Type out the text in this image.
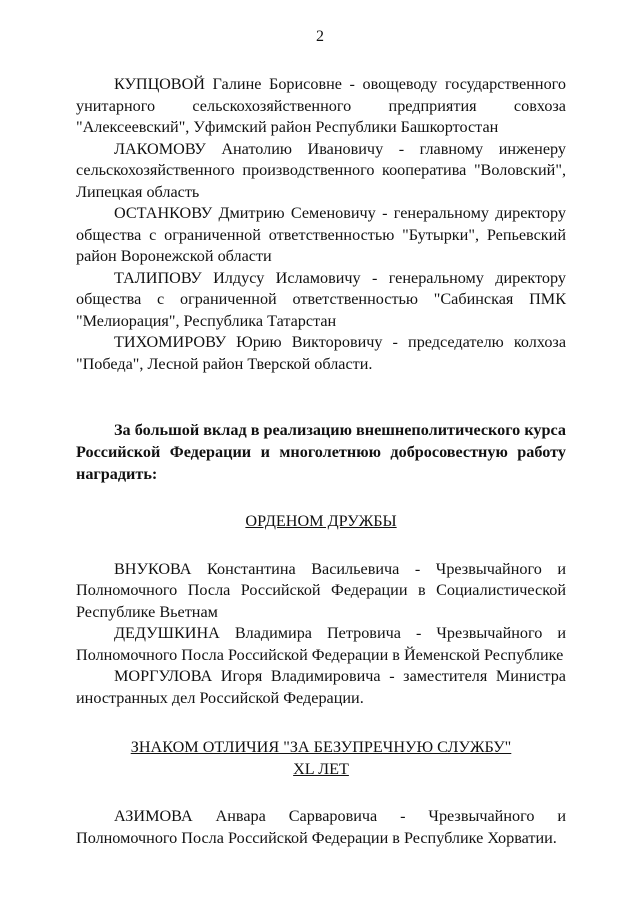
2

КУПЦОВОЙ Галине Борисовне - овощеводу государственного унитарного сельскохозяйственного предприятия совхоза "Алексеевский", Уфимский район Республики Башкортостан

ЛАКОМОВУ Анатолию Ивановичу - главному инженеру сельскохозяйственного производственного кооператива "Воловский", Липецкая область

ОСТАНКОВУ Дмитрию Семеновичу - генеральному директору общества с ограниченной ответственностью "Бутырки", Репьевский район Воронежской области

ТАЛИПОВУ Илдусу Исламовичу - генеральному директору общества с ограниченной ответственностью "Сабинская ПМК "Мелиорация", Республика Татарстан

ТИХОМИРОВУ Юрию Викторовичу - председателю колхоза "Победа", Лесной район Тверской области.

За большой вклад в реализацию внешнеполитического курса Российской Федерации и многолетнюю добросовестную работу наградить:

ОРДЕНОМ ДРУЖБЫ

ВНУКОВА Константина Васильевича - Чрезвычайного и Полномочного Посла Российской Федерации в Социалистической Республике Вьетнам

ДЕДУШКИНА Владимира Петровича - Чрезвычайного и Полномочного Посла Российской Федерации в Йеменской Республике

МОРГУЛОВА Игоря Владимировича - заместителя Министра иностранных дел Российской Федерации.

ЗНАКОМ ОТЛИЧИЯ "ЗА БЕЗУПРЕЧНУЮ СЛУЖБУ"
XL ЛЕТ

АЗИМОВА Анвара Сарваровича - Чрезвычайного и Полномочного Посла Российской Федерации в Республике Хорватии.
